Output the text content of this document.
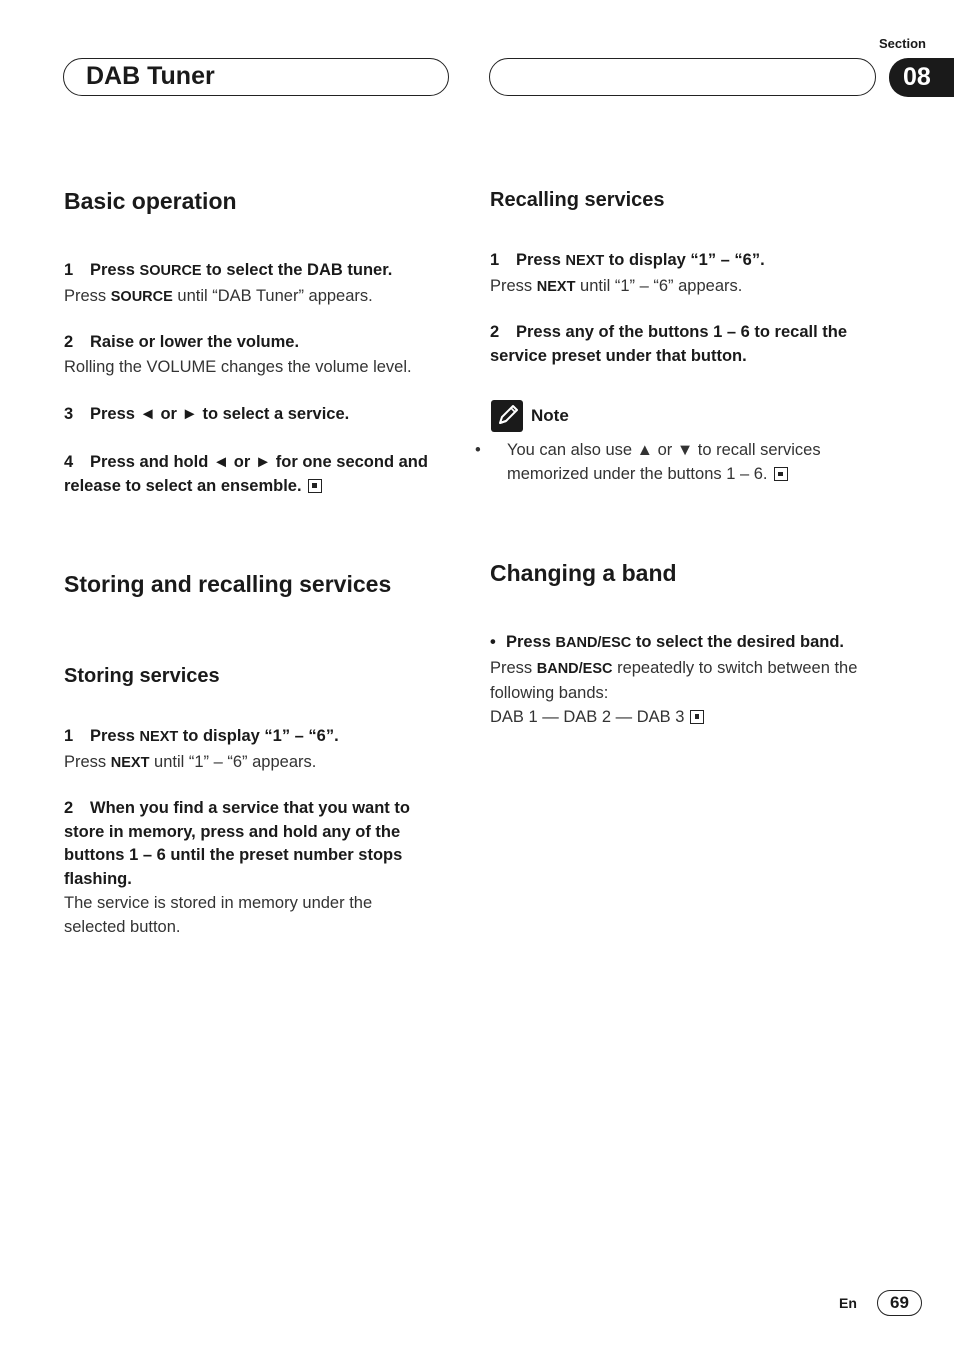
Section
DAB Tuner	08
Basic operation

1 Press SOURCE to select the DAB tuner.

Press SOURCE until “DAB Tuner” appears.

2 Raise or lower the volume.

Rolling the VOLUME changes the volume level.

3 Press ◄ or ► to select a service.

4 Press and hold ◄ or ► for one second and release to select an ensemble.

Storing and recalling services
Storing services

1 Press NEXT to display “1” – “6”.

Press NEXT until “1” – “6” appears.

2 When you find a service that you want to store in memory, press and hold any of the buttons 1 – 6 until the preset number stops flashing.

The service is stored in memory under the selected button.

Recalling services

1 Press NEXT to display “1” – “6”.

Press NEXT until “1” – “6” appears.

2 Press any of the buttons 1 – 6 to recall the service preset under that button.

Note

• You can also use ▲ or ▼ to recall services memorized under the buttons 1 – 6.

Changing a band

• Press BAND/ESC to select the desired band.

Press BAND/ESC repeatedly to switch between the following bands:

DAB 1 — DAB 2 — DAB 3

En	69
